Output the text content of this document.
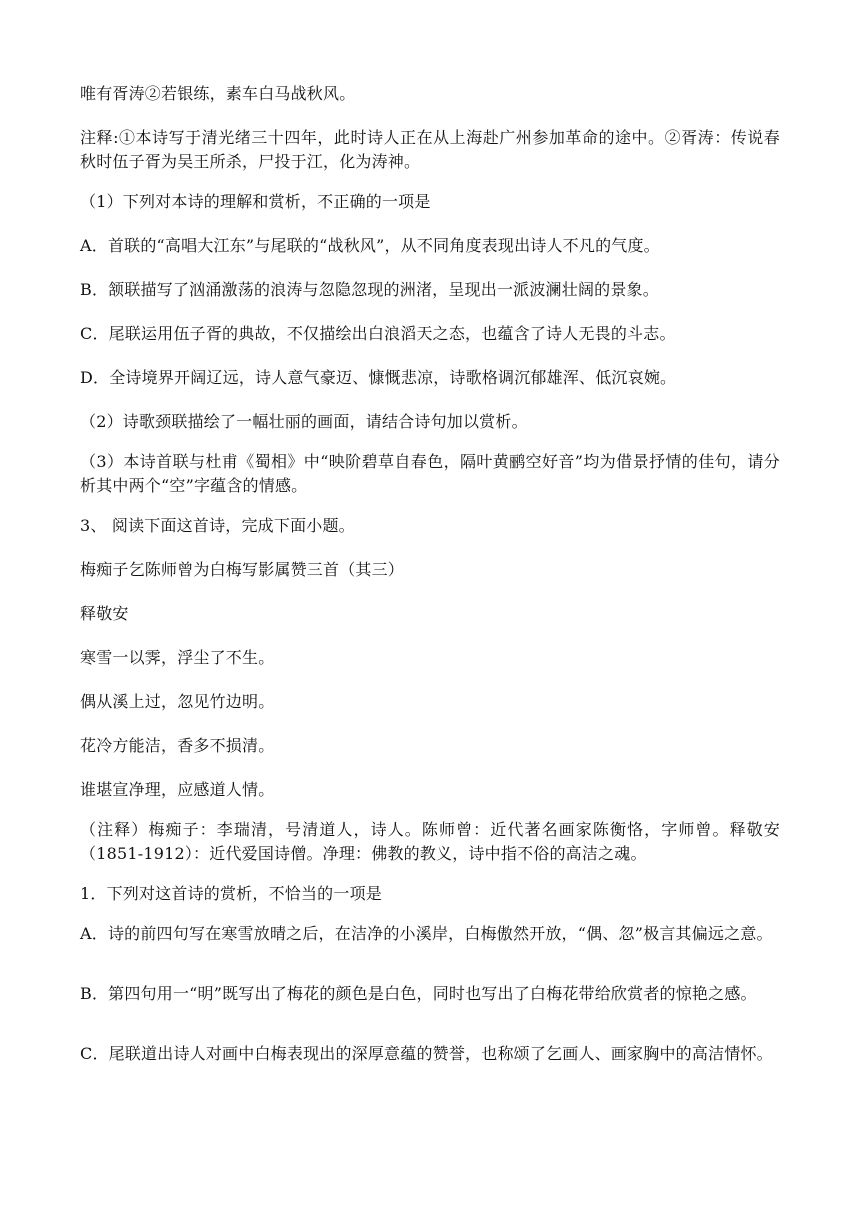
唯有胥涛②若银练，素车白马战秋风。
注释:①本诗写于清光绪三十四年，此时诗人正在从上海赴广州参加革命的途中。②胥涛：传说春秋时伍子胥为吴王所杀，尸投于江，化为涛神。
（1）下列对本诗的理解和赏析，不正确的一项是
A．首联的“高唱大江东”与尾联的“战秋风”，从不同角度表现出诗人不凡的气度。
B．颔联描写了汹涌激荡的浪涛与忽隐忽现的洲渚，呈现出一派波澜壮阔的景象。
C．尾联运用伍子胥的典故，不仅描绘出白浪滔天之态，也蕴含了诗人无畏的斗志。
D．全诗境界开阔辽远，诗人意气豪迈、慷慨悲凉，诗歌格调沉郁雄浑、低沉哀婉。
（2）诗歌颈联描绘了一幅壮丽的画面，请结合诗句加以赏析。
（3）本诗首联与杜甫《蜀相》中“映阶碧草自春色，隔叶黄鹂空好音”均为借景抒情的佳句，请分析其中两个“空”字蕴含的情感。
3、 阅读下面这首诗，完成下面小题。
梅痴子乞陈师曾为白梅写影属赞三首（其三）
释敬安
寒雪一以霁，浮尘了不生。
偶从溪上过，忽见竹边明。
花冷方能洁，香多不损清。
谁堪宣净理，应感道人情。
（注释）梅痴子：李瑞清，号清道人，诗人。陈师曾：近代著名画家陈衡恪，字师曾。释敬安（1851-1912）：近代爱国诗僧。净理：佛教的教义，诗中指不俗的高洁之魂。
1．下列对这首诗的赏析，不恰当的一项是
A．诗的前四句写在寒雪放晴之后，在洁净的小溪岸，白梅傲然开放，“偶、忽”极言其偏远之意。
B．第四句用一“明”既写出了梅花的颜色是白色，同时也写出了白梅花带给欣赏者的惊艳之感。
C．尾联道出诗人对画中白梅表现出的深厚意蕴的赞誉，也称颂了乞画人、画家胸中的高洁情怀。
